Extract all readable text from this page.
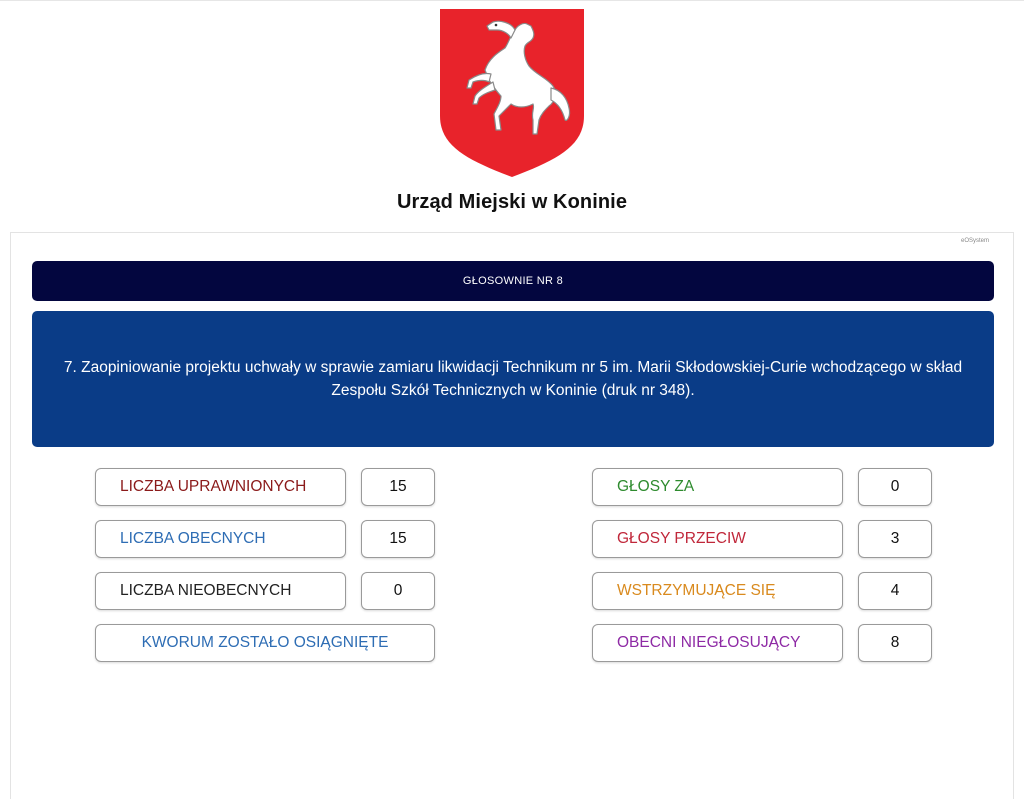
Urząd Miejski w Koninie
eOSystem
GŁOSOWNIE NR 8
7. Zaopiniowanie projektu uchwały w sprawie zamiaru likwidacji Technikum nr 5 im. Marii Skłodowskiej-Curie wchodzącego w skład Zespołu Szkół Technicznych w Koninie (druk nr 348).
LICZBA UPRAWNIONYCH	15
LICZBA OBECNYCH	15
LICZBA NIEOBECNYCH	0
KWORUM ZOSTAŁO OSIĄGNIĘTE
GŁOSY ZA	0
GŁOSY PRZECIW	3
WSTRZYMUJĄCE SIĘ	4
OBECNI NIEGŁOSUJĄCY	8
